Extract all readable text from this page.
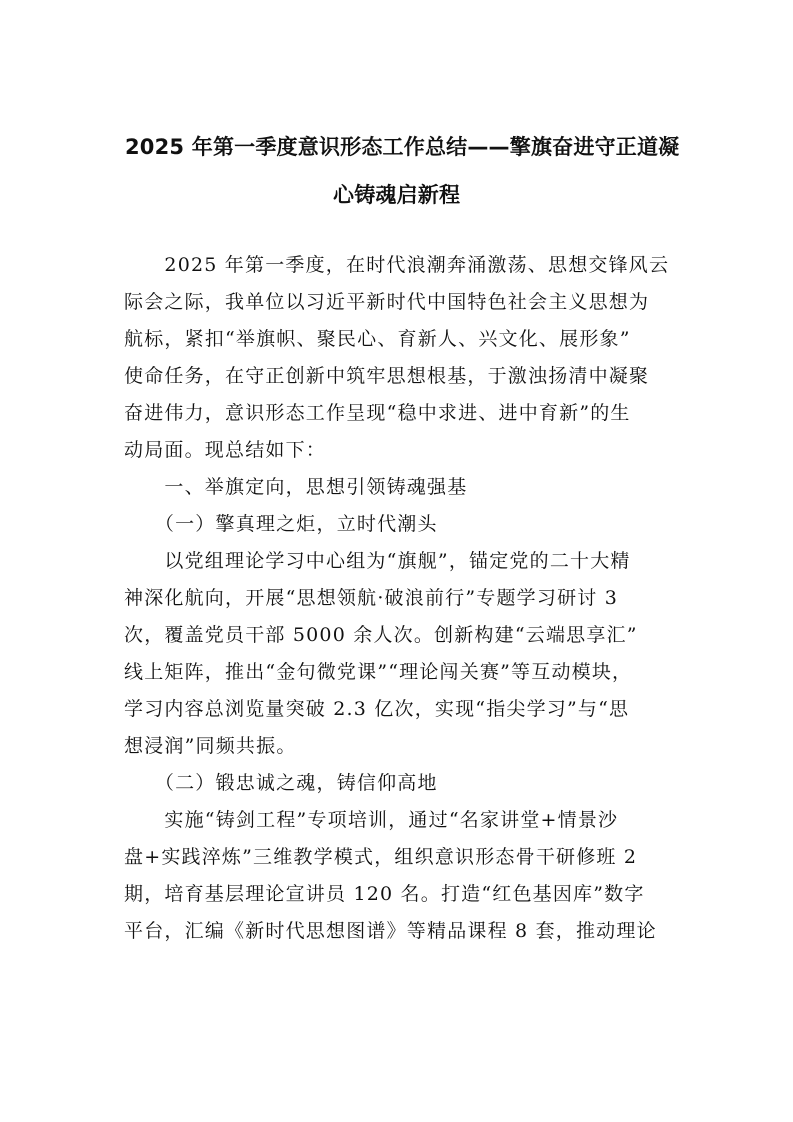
2025 年第一季度意识形态工作总结——擎旗奋进守正道凝
心铸魂启新程
　　2025 年第一季度，在时代浪潮奔涌激荡、思想交锋风云
际会之际，我单位以习近平新时代中国特色社会主义思想为
航标，紧扣“举旗帜、聚民心、育新人、兴文化、展形象”
使命任务，在守正创新中筑牢思想根基，于激浊扬清中凝聚
奋进伟力，意识形态工作呈现“稳中求进、进中育新”的生
动局面。现总结如下：
　　一、举旗定向，思想引领铸魂强基
　　（一）擎真理之炬，立时代潮头
　　以党组理论学习中心组为“旗舰”，锚定党的二十大精
神深化航向，开展“思想领航·破浪前行”专题学习研讨 3
次，覆盖党员干部 5000 余人次。创新构建“云端思享汇”
线上矩阵，推出“金句微党课”“理论闯关赛”等互动模块，
学习内容总浏览量突破 2.3 亿次，实现“指尖学习”与“思
想浸润”同频共振。
　　（二）锻忠诚之魂，铸信仰高地
　　实施“铸剑工程”专项培训，通过“名家讲堂+情景沙
盘+实践淬炼”三维教学模式，组织意识形态骨干研修班 2
期，培育基层理论宣讲员 120 名。打造“红色基因库”数字
平台，汇编《新时代思想图谱》等精品课程 8 套，推动理论
